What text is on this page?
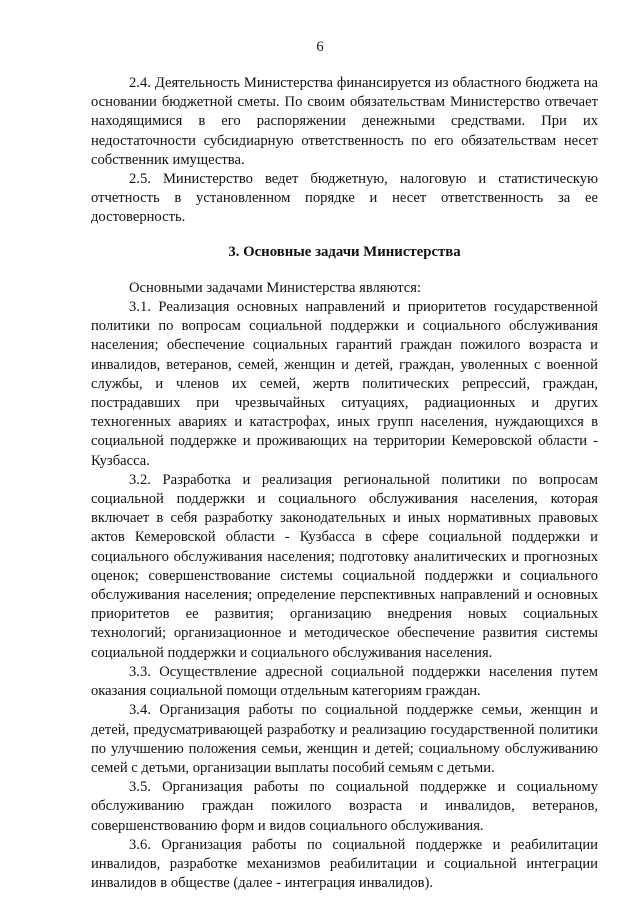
6

2.4. Деятельность Министерства финансируется из областного бюджета на основании бюджетной сметы. По своим обязательствам Министерство отвечает находящимися в его распоряжении денежными средствами. При их недостаточности субсидиарную ответственность по его обязательствам несет собственник имущества.

2.5. Министерство ведет бюджетную, налоговую и статистическую отчетность в установленном порядке и несет ответственность за ее достоверность.

3. Основные задачи Министерства

Основными задачами Министерства являются:

3.1. Реализация основных направлений и приоритетов государственной политики по вопросам социальной поддержки и социального обслуживания населения; обеспечение социальных гарантий граждан пожилого возраста и инвалидов, ветеранов, семей, женщин и детей, граждан, уволенных с военной службы, и членов их семей, жертв политических репрессий, граждан, пострадавших при чрезвычайных ситуациях, радиационных и других техногенных авариях и катастрофах, иных групп населения, нуждающихся в социальной поддержке и проживающих на территории Кемеровской области - Кузбасса.

3.2. Разработка и реализация региональной политики по вопросам социальной поддержки и социального обслуживания населения, которая включает в себя разработку законодательных и иных нормативных правовых актов Кемеровской области - Кузбасса в сфере социальной поддержки и социального обслуживания населения; подготовку аналитических и прогнозных оценок; совершенствование системы социальной поддержки и социального обслуживания населения; определение перспективных направлений и основных приоритетов ее развития; организацию внедрения новых социальных технологий; организационное и методическое обеспечение развития системы социальной поддержки и социального обслуживания населения.

3.3. Осуществление адресной социальной поддержки населения путем оказания социальной помощи отдельным категориям граждан.

3.4. Организация работы по социальной поддержке семьи, женщин и детей, предусматривающей разработку и реализацию государственной политики по улучшению положения семьи, женщин и детей; социальному обслуживанию семей с детьми, организации выплаты пособий семьям с детьми.

3.5. Организация работы по социальной поддержке и социальному обслуживанию граждан пожилого возраста и инвалидов, ветеранов, совершенствованию форм и видов социального обслуживания.

3.6. Организация работы по социальной поддержке и реабилитации инвалидов, разработке механизмов реабилитации и социальной интеграции инвалидов в обществе (далее - интеграция инвалидов).
